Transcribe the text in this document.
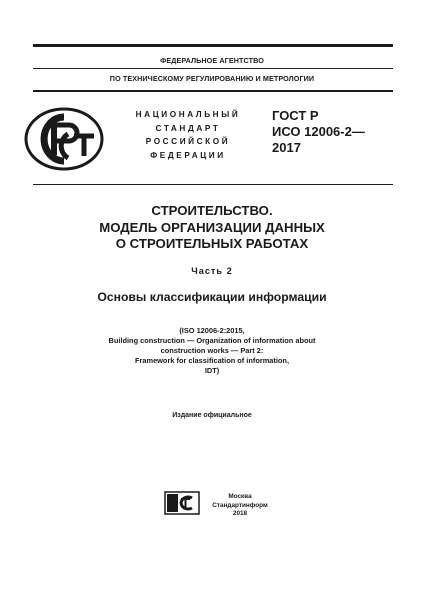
ФЕДЕРАЛЬНОЕ АГЕНТСТВО
ПО ТЕХНИЧЕСКОМУ РЕГУЛИРОВАНИЮ И МЕТРОЛОГИИ
НАЦИОНАЛЬНЫЙ
СТАНДАРТ
РОССИЙСКОЙ
ФЕДЕРАЦИИ
ГОСТ Р
ИСО 12006-2—
2017
СТРОИТЕЛЬСТВО.
МОДЕЛЬ ОРГАНИЗАЦИИ ДАННЫХ
О СТРОИТЕЛЬНЫХ РАБОТАХ
Часть 2
Основы классификации информации
(ISO 12006-2:2015,
Building construction — Organization of information about
construction works — Part 2:
Framework for classification of information,
IDT)
Издание официальное
Москва
Стандартинформ
2018
